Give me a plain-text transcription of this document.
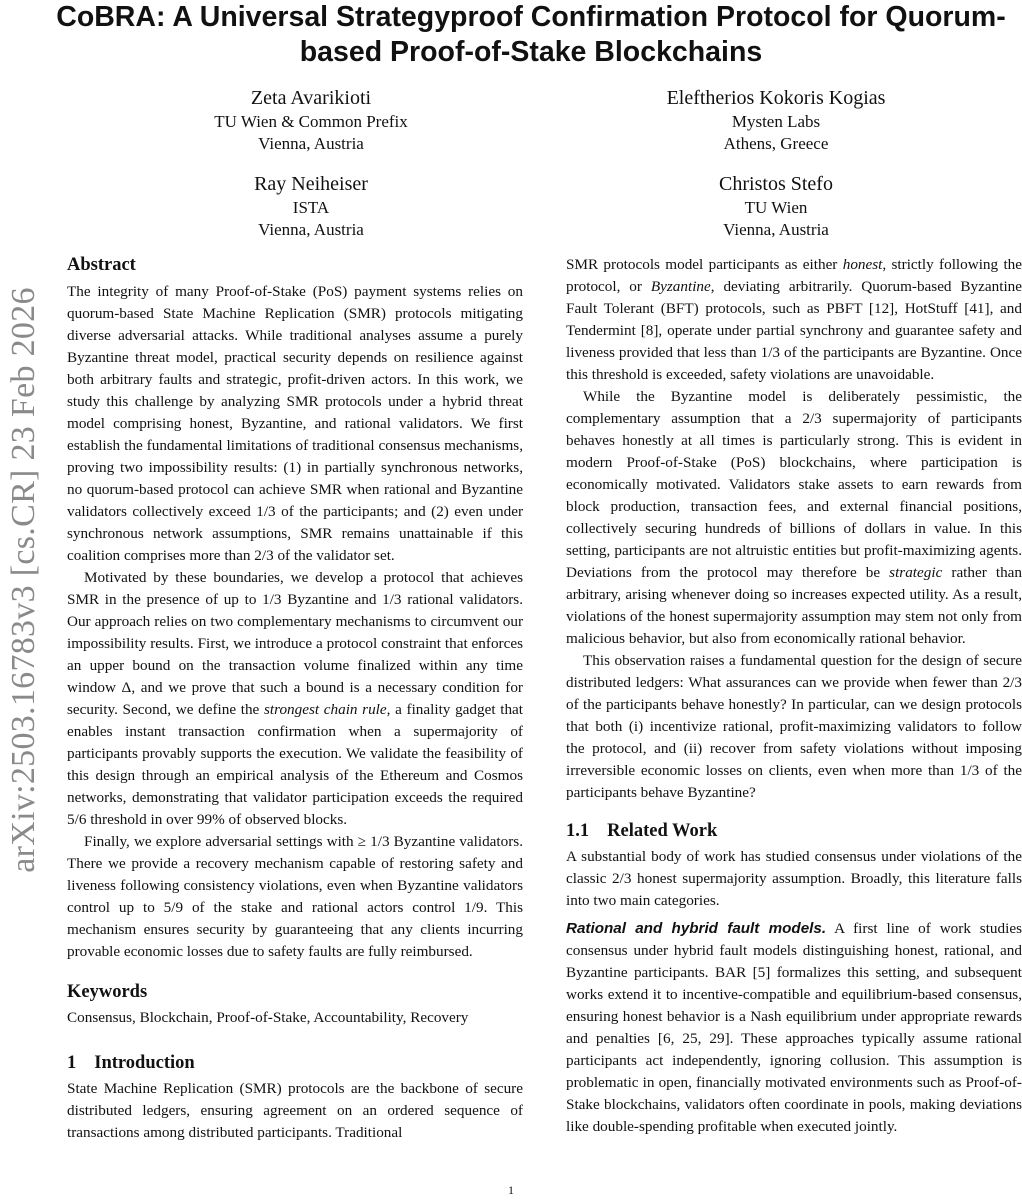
CoBRA: A Universal Strategyproof Confirmation Protocol for Quorum-based Proof-of-Stake Blockchains
Zeta Avarikioti
TU Wien & Common Prefix
Vienna, Austria
Eleftherios Kokoris Kogias
Mysten Labs
Athens, Greece
Ray Neiheiser
ISTA
Vienna, Austria
Christos Stefo
TU Wien
Vienna, Austria
arXiv:2503.16783v3 [cs.CR] 23 Feb 2026
Abstract

The integrity of many Proof-of-Stake (PoS) payment systems relies on quorum-based State Machine Replication (SMR) protocols mitigating diverse adversarial attacks. While traditional analyses assume a purely Byzantine threat model, practical security depends on resilience against both arbitrary faults and strategic, profit-driven actors. In this work, we study this challenge by analyzing SMR protocols under a hybrid threat model comprising honest, Byzantine, and rational validators. We first establish the fundamental limitations of traditional consensus mechanisms, proving two impossibility results: (1) in partially synchronous networks, no quorum-based protocol can achieve SMR when rational and Byzantine validators collectively exceed 1/3 of the participants; and (2) even under synchronous network assumptions, SMR remains unattainable if this coalition comprises more than 2/3 of the validator set.

Motivated by these boundaries, we develop a protocol that achieves SMR in the presence of up to 1/3 Byzantine and 1/3 rational validators. Our approach relies on two complementary mechanisms to circumvent our impossibility results. First, we introduce a protocol constraint that enforces an upper bound on the transaction volume finalized within any time window Δ, and we prove that such a bound is a necessary condition for security. Second, we define the strongest chain rule, a finality gadget that enables instant transaction confirmation when a supermajority of participants provably supports the execution. We validate the feasibility of this design through an empirical analysis of the Ethereum and Cosmos networks, demonstrating that validator participation exceeds the required 5/6 threshold in over 99% of observed blocks.

Finally, we explore adversarial settings with ≥ 1/3 Byzantine validators. There we provide a recovery mechanism capable of restoring safety and liveness following consistency violations, even when Byzantine validators control up to 5/9 of the stake and rational actors control 1/9. This mechanism ensures security by guaranteeing that any clients incurring provable economic losses due to safety faults are fully reimbursed.

Keywords

Consensus, Blockchain, Proof-of-Stake, Accountability, Recovery

1 Introduction

State Machine Replication (SMR) protocols are the backbone of secure distributed ledgers, ensuring agreement on an ordered sequence of transactions among distributed participants. Traditional

SMR protocols model participants as either honest, strictly following the protocol, or Byzantine, deviating arbitrarily. Quorum-based Byzantine Fault Tolerant (BFT) protocols, such as PBFT [12], HotStuff [41], and Tendermint [8], operate under partial synchrony and guarantee safety and liveness provided that less than 1/3 of the participants are Byzantine. Once this threshold is exceeded, safety violations are unavoidable.

While the Byzantine model is deliberately pessimistic, the complementary assumption that a 2/3 supermajority of participants behaves honestly at all times is particularly strong. This is evident in modern Proof-of-Stake (PoS) blockchains, where participation is economically motivated. Validators stake assets to earn rewards from block production, transaction fees, and external financial positions, collectively securing hundreds of billions of dollars in value. In this setting, participants are not altruistic entities but profit-maximizing agents. Deviations from the protocol may therefore be strategic rather than arbitrary, arising whenever doing so increases expected utility. As a result, violations of the honest supermajority assumption may stem not only from malicious behavior, but also from economically rational behavior.

This observation raises a fundamental question for the design of secure distributed ledgers: What assurances can we provide when fewer than 2/3 of the participants behave honestly? In particular, can we design protocols that both (i) incentivize rational, profit-maximizing validators to follow the protocol, and (ii) recover from safety violations without imposing irreversible economic losses on clients, even when more than 1/3 of the participants behave Byzantine?

1.1 Related Work

A substantial body of work has studied consensus under violations of the classic 2/3 honest supermajority assumption. Broadly, this literature falls into two main categories.

Rational and hybrid fault models. A first line of work studies consensus under hybrid fault models distinguishing honest, rational, and Byzantine participants. BAR [5] formalizes this setting, and subsequent works extend it to incentive-compatible and equilibrium-based consensus, ensuring honest behavior is a Nash equilibrium under appropriate rewards and penalties [6, 25, 29]. These approaches typically assume rational participants act independently, ignoring collusion. This assumption is problematic in open, financially motivated environments such as Proof-of-Stake blockchains, validators often coordinate in pools, making deviations like double-spending profitable when executed jointly.

1
